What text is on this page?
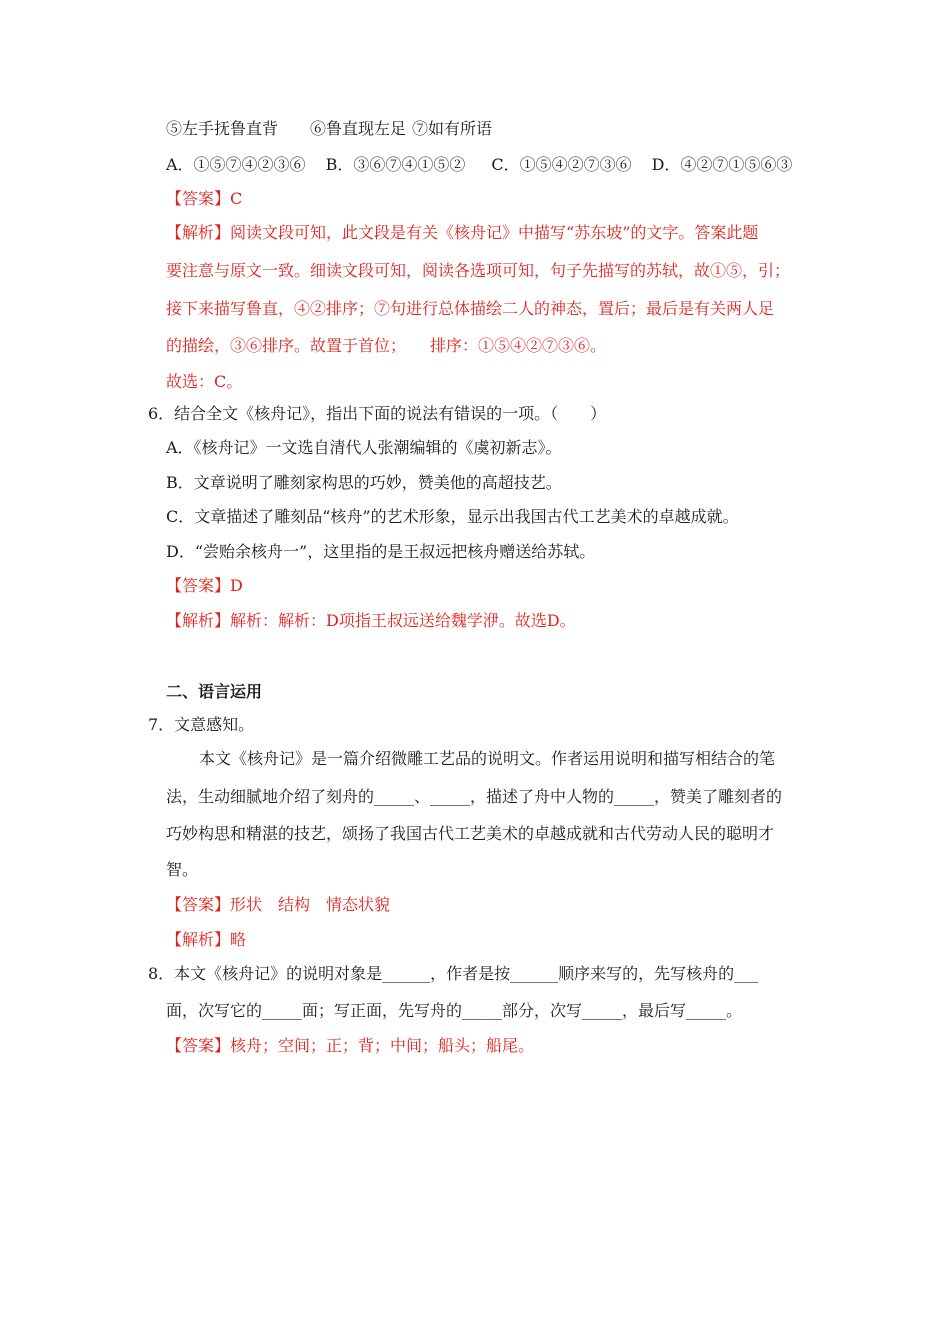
⑤左手抚鲁直背 ⑥鲁直现左足 ⑦如有所语
A．①⑤⑦④②③⑥ B．③⑥⑦④①⑤② C．①⑤④②⑦③⑥ D．④②⑦①⑤⑥③
【答案】C
【解析】阅读文段可知，此文段是有关《核舟记》中描写“苏东坡”的文字。答案此题
要注意与原文一致。细读文段可知，阅读各选项可知，句子先描写的苏轼，故①⑤，引；
接下来描写鲁直，④②排序；⑦句进行总体描绘二人的神态，置后；最后是有关两人足
的描绘，③⑥排序。故置于首位；　　排序：①⑤④②⑦③⑥。
故选：C。
6．结合全文《核舟记》，指出下面的说法有错误的一项。（　　）
A．《核舟记》一文选自清代人张潮编辑的《虞初新志》。
B．文章说明了雕刻家构思的巧妙，赞美他的高超技艺。
C．文章描述了雕刻品“核舟”的艺术形象，显示出我国古代工艺美术的卓越成就。
D．“尝贻余核舟一”，这里指的是王叔远把核舟赠送给苏轼。
【答案】D
【解析】解析：解析：D项指王叔远送给魏学洢。故选D。
二、语言运用
7．文意感知。
本文《核舟记》是一篇介绍微雕工艺品的说明文。作者运用说明和描写相结合的笔
法，生动细腻地介绍了刻舟的_____、_____，描述了舟中人物的_____，赞美了雕刻者的
巧妙构思和精湛的技艺，颂扬了我国古代工艺美术的卓越成就和古代劳动人民的聪明才
智。
【答案】形状　结构　情态状貌
【解析】略
8．本文《核舟记》的说明对象是______，作者是按______顺序来写的，先写核舟的___
面，次写它的_____面；写正面，先写舟的_____部分，次写_____，最后写_____。
【答案】核舟；空间；正；背；中间；船头；船尾。
